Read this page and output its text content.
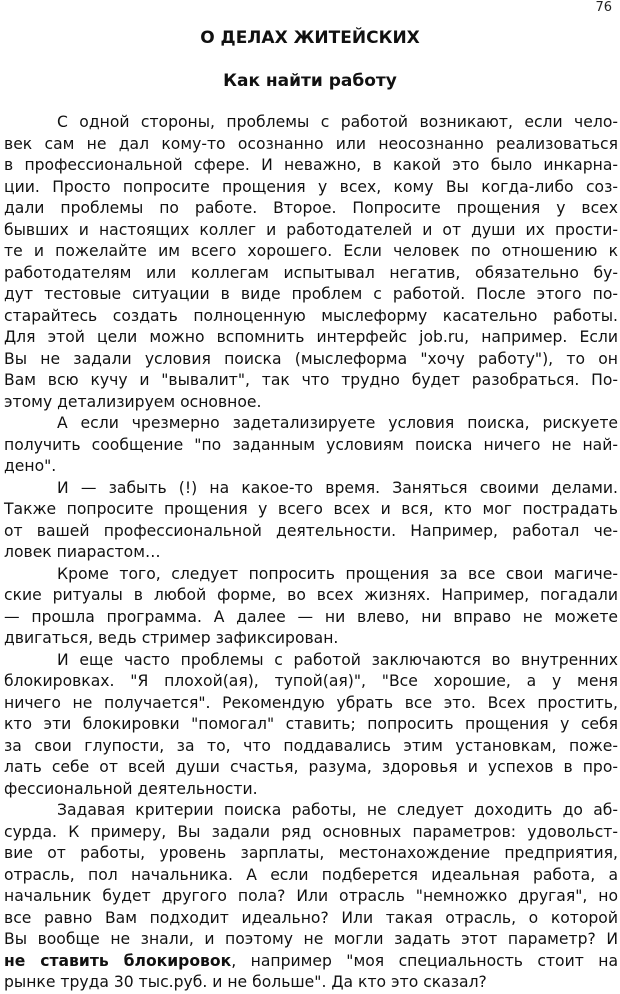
76
О ДЕЛАХ ЖИТЕЙСКИХ
Как найти работу
С одной стороны, проблемы с работой возникают, если чело-
век сам не дал кому-то осознанно или неосознанно реализоваться
в профессиональной сфере. И неважно, в какой это было инкарна-
ции. Просто попросите прощения у всех, кому Вы когда-либо соз-
дали проблемы по работе. Второе. Попросите прощения у всех
бывших и настоящих коллег и работодателей и от души их прости-
те и пожелайте им всего хорошего. Если человек по отношению к
работодателям или коллегам испытывал негатив, обязательно бу-
дут тестовые ситуации в виде проблем с работой. После этого по-
старайтесь создать полноценную мыслеформу касательно работы.
Для этой цели можно вспомнить интерфейс job.ru, например. Если
Вы не задали условия поиска (мыслеформа "хочу работу"), то он
Вам всю кучу и "вывалит", так что трудно будет разобраться. По-
этому детализируем основное.
А если чрезмерно задетализируете условия поиска, рискуете
получить сообщение "по заданным условиям поиска ничего не най-
дено".
И — забыть (!) на какое-то время. Заняться своими делами.
Также попросите прощения у всего всех и вся, кто мог пострадать
от вашей профессиональной деятельности. Например, работал че-
ловек пиарастом…
Кроме того, следует попросить прощения за все свои магиче-
ские ритуалы в любой форме, во всех жизнях. Например, погадали
— прошла программа. А далее — ни влево, ни вправо не можете
двигаться, ведь стример зафиксирован.
И еще часто проблемы с работой заключаются во внутренних
блокировках. "Я плохой(ая), тупой(ая)", "Все хорошие, а у меня
ничего не получается". Рекомендую убрать все это. Всех простить,
кто эти блокировки "помогал" ставить; попросить прощения у себя
за свои глупости, за то, что поддавались этим установкам, поже-
лать себе от всей души счастья, разума, здоровья и успехов в про-
фессиональной деятельности.
Задавая критерии поиска работы, не следует доходить до аб-
сурда. К примеру, Вы задали ряд основных параметров: удовольст-
вие от работы, уровень зарплаты, местонахождение предприятия,
отрасль, пол начальника. А если подберется идеальная работа, а
начальник будет другого пола? Или отрасль "немножко другая", но
все равно Вам подходит идеально? Или такая отрасль, о которой
Вы вообще не знали, и поэтому не могли задать этот параметр? И
не ставить блокировок, например "моя специальность стоит на
рынке труда 30 тыс.руб. и не больше". Да кто это сказал?
